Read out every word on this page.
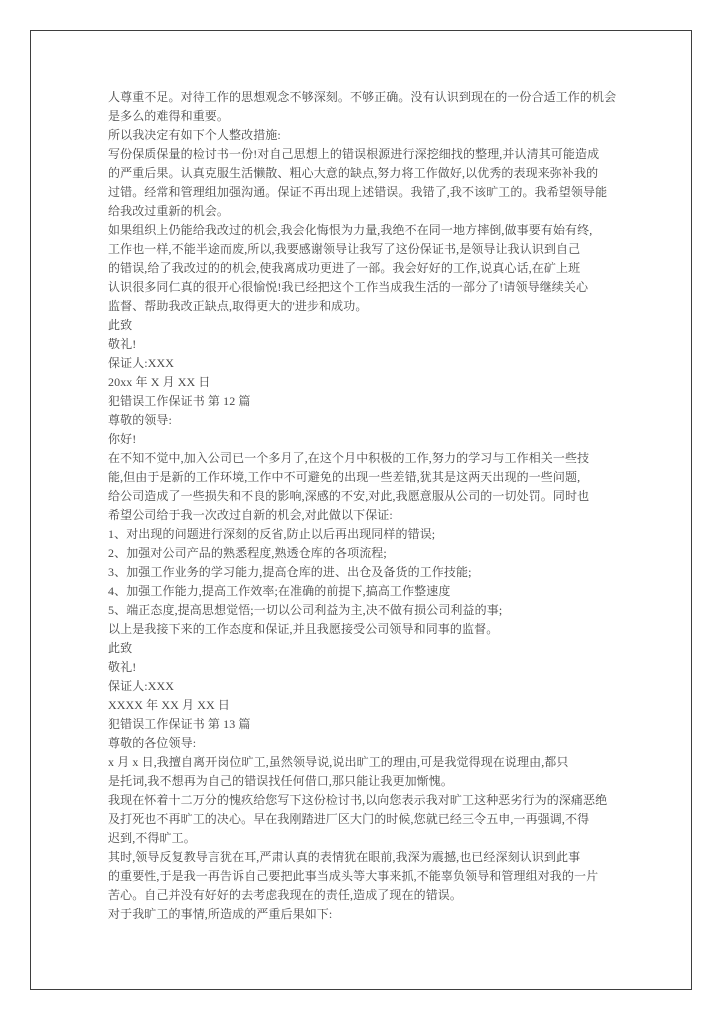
人尊重不足。对待工作的思想观念不够深刻。不够正确。没有认识到现在的一份合适工作的机会
是多么的难得和重要。
所以我决定有如下个人整改措施:
写份保质保量的检讨书一份!对自己思想上的错误根源进行深挖细找的整理,并认清其可能造成
的严重后果。认真克服生活懒散、粗心大意的缺点,努力将工作做好,以优秀的表现来弥补我的
过错。经常和管理组加强沟通。保证不再出现上述错误。我错了,我不该旷工的。我希望领导能
给我改过重新的机会。
如果组织上仍能给我改过的机会,我会化悔恨为力量,我绝不在同一地方摔倒,做事要有始有终,
工作也一样,不能半途而废,所以,我要感谢领导让我写了这份保证书,是领导让我认识到自己
的错误,给了我改过的的机会,使我离成功更进了一部。我会好好的工作,说真心话,在矿上班
认识很多同仁真的很开心很愉悦!我已经把这个工作当成我生活的一部分了!请领导继续关心
监督、帮助我改正缺点,取得更大的'进步和成功。
此致
敬礼!
保证人:XXX
20xx 年 X 月 XX 日
犯错误工作保证书 第 12 篇
尊敬的领导:
你好!
在不知不觉中,加入公司已一个多月了,在这个月中积极的工作,努力的学习与工作相关一些技
能,但由于是新的工作环境,工作中不可避免的出现一些差错,犹其是这两天出现的一些问题,
给公司造成了一些损失和不良的影响,深感的不安,对此,我愿意服从公司的一切处罚。同时也
希望公司给于我一次改过自新的机会,对此做以下保证:
1、对出现的问题进行深刻的反省,防止以后再出现同样的错误;
2、加强对公司产品的熟悉程度,熟透仓库的各项流程;
3、加强工作业务的学习能力,提高仓库的进、出仓及备货的工作技能;
4、加强工作能力,提高工作效率;在准确的前提下,搞高工作整速度
5、端正态度,提高思想觉悟;一切以公司利益为主,决不做有损公司利益的事;
以上是我接下来的工作态度和保证,并且我愿接受公司领导和同事的监督。
此致
敬礼!
保证人:XXX
XXXX 年 XX 月 XX 日
犯错误工作保证书 第 13 篇
尊敬的各位领导:
x 月 x 日,我擅自离开岗位旷工,虽然领导说,说出旷工的理由,可是我觉得现在说理由,都只
是托词,我不想再为自己的错误找任何借口,那只能让我更加惭愧。
我现在怀着十二万分的愧疚给您写下这份检讨书,以向您表示我对旷工这种恶劣行为的深痛恶绝
及打死也不再旷工的决心。早在我刚踏进厂区大门的时候,您就已经三令五申,一再强调,不得
迟到,不得旷工。
其时,领导反复教导言犹在耳,严肃认真的表情犹在眼前,我深为震撼,也已经深刻认识到此事
的重要性,于是我一再告诉自己要把此事当成头等大事来抓,不能辜负领导和管理组对我的一片
苦心。自己并没有好好的去考虑我现在的责任,造成了现在的错误。
对于我旷工的事情,所造成的严重后果如下:
